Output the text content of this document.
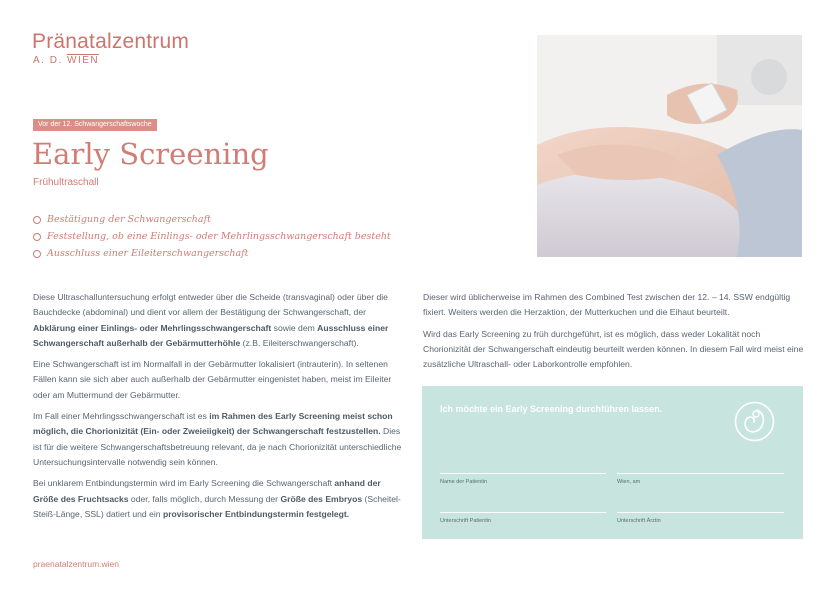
Pränatalzentrum
A. D. WIEN
Vor der 12. Schwangerschaftswoche
Early Screening
Frühultraschall
Bestätigung der Schwangerschaft
Feststellung, ob eine Einlings- oder Mehrlingsschwangerschaft besteht
Ausschluss einer Eileiterschwangerschaft

Diese Ultraschalluntersuchung erfolgt entweder über die Scheide (transvaginal) oder über die Bauchdecke (abdominal) und dient vor allem der Bestätigung der Schwangerschaft, der Abklärung einer Einlings- oder Mehrlingsschwangerschaft sowie dem Ausschluss einer Schwangerschaft außerhalb der Gebärmutterhöhle (z.B. Eileiterschwangerschaft).

Eine Schwangerschaft ist im Normalfall in der Gebärmutter lokalisiert (intrauterin). In seltenen Fällen kann sie sich aber auch außerhalb der Gebärmutter eingenistet haben, meist im Eileiter oder am Muttermund der Gebärmutter.

Im Fall einer Mehrlingsschwangerschaft ist es im Rahmen des Early Screening meist schon möglich, die Chorionizität (Ein- oder Zweieiigkeit) der Schwangerschaft festzustellen. Dies ist für die weitere Schwangerschaftsbetreuung relevant, da je nach Chorionizität unterschiedliche Untersuchungsintervalle notwendig sein können.

Bei unklarem Entbindungstermin wird im Early Screening die Schwangerschaft anhand der Größe des Fruchtsacks oder, falls möglich, durch Messung der Größe des Embryos (Scheitel-Steiß-Länge, SSL) datiert und ein provisorischer Entbindungstermin festgelegt.

Dieser wird üblicherweise im Rahmen des Combined Test zwischen der 12. – 14. SSW endgültig fixiert. Weiters werden die Herzaktion, der Mutterkuchen und die Eihaut beurteilt.

Wird das Early Screening zu früh durchgeführt, ist es möglich, dass weder Lokalität noch Chorionizität der Schwangerschaft eindeutig beurteilt werden können. In diesem Fall wird meist eine zusätzliche Ultraschall- oder Laborkontrolle empfohlen.

Ich möchte ein Early Screening durchführen lassen.
Name der Patientin	Wien, am
Unterschrift Patientin	Unterschrift Ärztin
praenatalzentrum.wien
